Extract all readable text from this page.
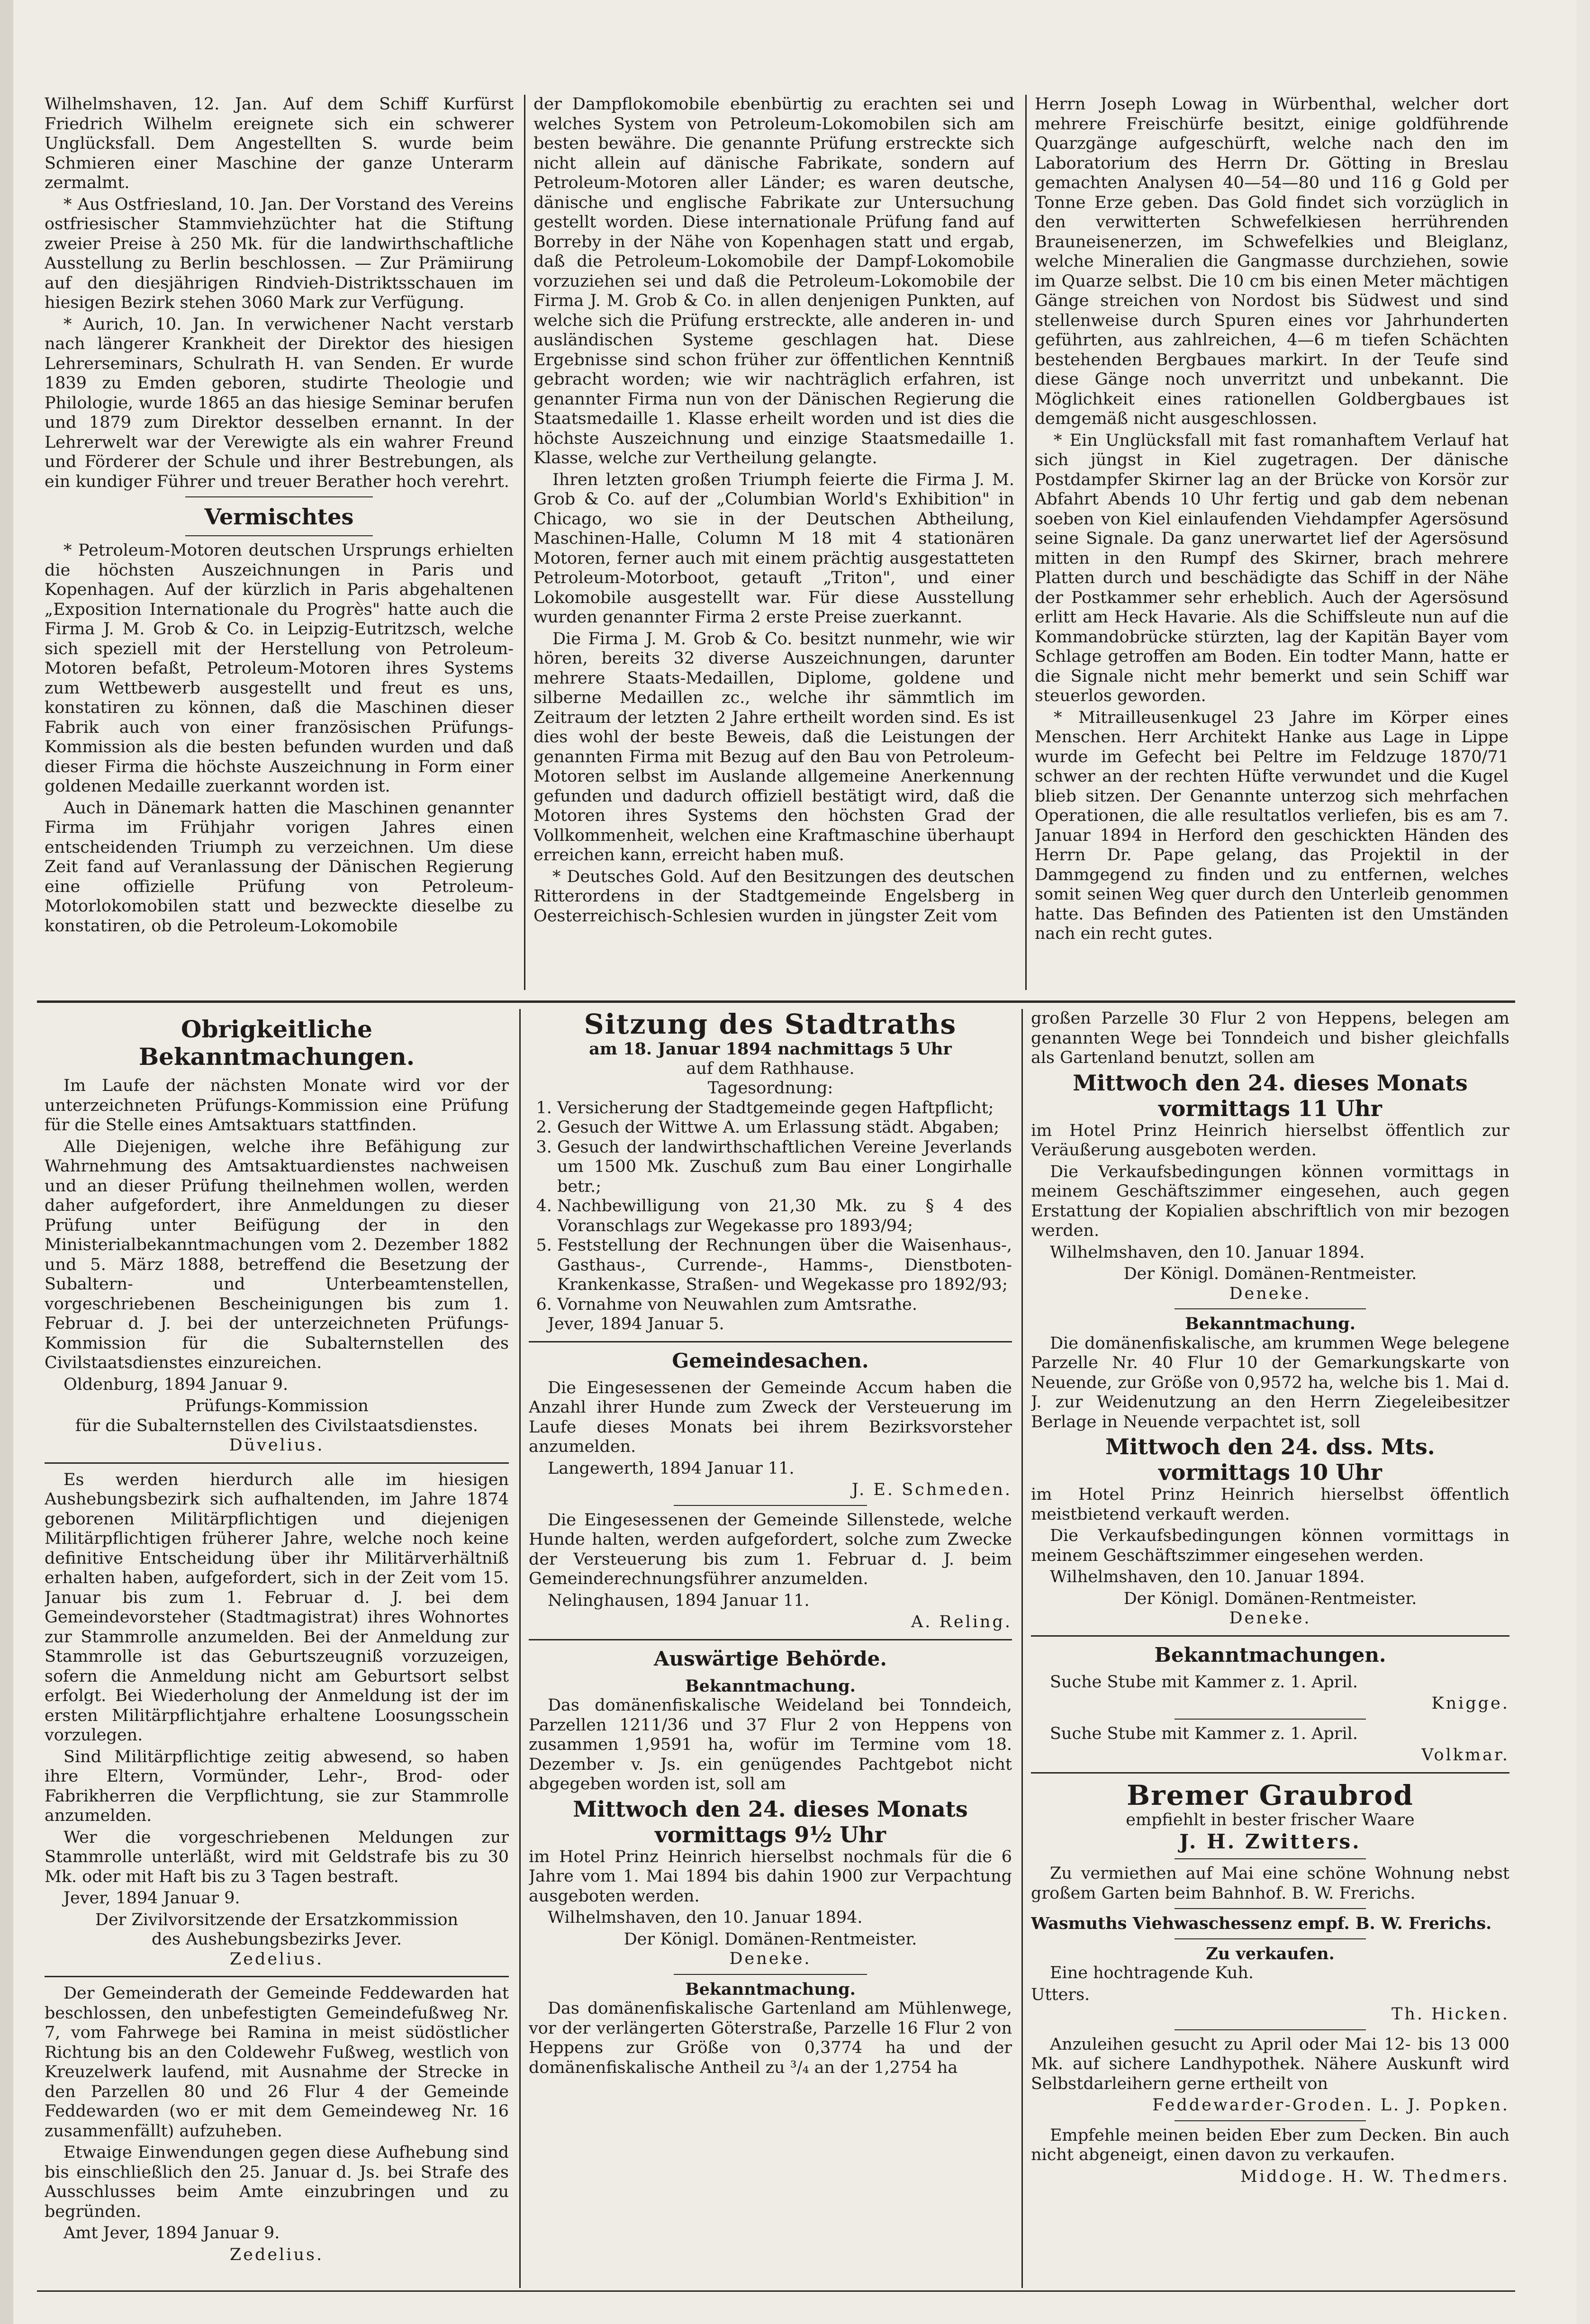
Wilhelmshaven, 12. Jan. Auf dem Schiff Kurfürst Friedrich Wilhelm ereignete sich ein schwerer Unglücksfall. Dem Angestellten S. wurde beim Schmieren einer Maschine der ganze Unterarm zermalmt.

* Aus Ostfriesland, 10. Jan. Der Vorstand des Vereins ostfriesischer Stammviehzüchter hat die Stiftung zweier Preise à 250 Mk. für die landwirthschaftliche Ausstellung zu Berlin beschlossen. — Zur Prämiirung auf den diesjährigen Rindvieh-Distriktsschauen im hiesigen Bezirk stehen 3060 Mark zur Verfügung.

* Aurich, 10. Jan. In verwichener Nacht verstarb nach längerer Krankheit der Direktor des hiesigen Lehrerseminars, Schulrath H. van Senden. Er wurde 1839 zu Emden geboren, studirte Theologie und Philologie, wurde 1865 an das hiesige Seminar berufen und 1879 zum Direktor desselben ernannt. In der Lehrerwelt war der Verewigte als ein wahrer Freund und Förderer der Schule und ihrer Bestrebungen, als ein kundiger Führer und treuer Berather hoch verehrt.

Vermischtes

* Petroleum-Motoren deutschen Ursprungs erhielten die höchsten Auszeichnungen in Paris und Kopenhagen. Auf der kürzlich in Paris abgehaltenen „Exposition Internationale du Progrès" hatte auch die Firma J. M. Grob & Co. in Leipzig-Eutritzsch, welche sich speziell mit der Herstellung von Petroleum-Motoren befaßt, Petroleum-Motoren ihres Systems zum Wettbewerb ausgestellt und freut es uns, konstatiren zu können, daß die Maschinen dieser Fabrik auch von einer französischen Prüfungs-Kommission als die besten befunden wurden und daß dieser Firma die höchste Auszeichnung in Form einer goldenen Medaille zuerkannt worden ist.

Auch in Dänemark hatten die Maschinen genannter Firma im Frühjahr vorigen Jahres einen entscheidenden Triumph zu verzeichnen. Um diese Zeit fand auf Veranlassung der Dänischen Regierung eine offizielle Prüfung von Petroleum-Motorlokomobilen statt und bezweckte dieselbe zu konstatiren, ob die Petroleum-Lokomobile

der Dampflokomobile ebenbürtig zu erachten sei und welches System von Petroleum-Lokomobilen sich am besten bewähre. Die genannte Prüfung erstreckte sich nicht allein auf dänische Fabrikate, sondern auf Petroleum-Motoren aller Länder; es waren deutsche, dänische und englische Fabrikate zur Untersuchung gestellt worden. Diese internationale Prüfung fand auf Borreby in der Nähe von Kopenhagen statt und ergab, daß die Petroleum-Lokomobile der Dampf-Lokomobile vorzuziehen sei und daß die Petroleum-Lokomobile der Firma J. M. Grob & Co. in allen denjenigen Punkten, auf welche sich die Prüfung erstreckte, alle anderen in- und ausländischen Systeme geschlagen hat. Diese Ergebnisse sind schon früher zur öffentlichen Kenntniß gebracht worden; wie wir nachträglich erfahren, ist genannter Firma nun von der Dänischen Regierung die Staatsmedaille 1. Klasse erheilt worden und ist dies die höchste Auszeichnung und einzige Staatsmedaille 1. Klasse, welche zur Vertheilung gelangte.

Ihren letzten großen Triumph feierte die Firma J. M. Grob & Co. auf der „Columbian World's Exhibition" in Chicago, wo sie in der Deutschen Abtheilung, Maschinen-Halle, Column M 18 mit 4 stationären Motoren, ferner auch mit einem prächtig ausgestatteten Petroleum-Motorboot, getauft „Triton", und einer Lokomobile ausgestellt war. Für diese Ausstellung wurden genannter Firma 2 erste Preise zuerkannt.

Die Firma J. M. Grob & Co. besitzt nunmehr, wie wir hören, bereits 32 diverse Auszeichnungen, darunter mehrere Staats-Medaillen, Diplome, goldene und silberne Medaillen zc., welche ihr sämmtlich im Zeitraum der letzten 2 Jahre ertheilt worden sind. Es ist dies wohl der beste Beweis, daß die Leistungen der genannten Firma mit Bezug auf den Bau von Petroleum-Motoren selbst im Auslande allgemeine Anerkennung gefunden und dadurch offiziell bestätigt wird, daß die Motoren ihres Systems den höchsten Grad der Vollkommenheit, welchen eine Kraftmaschine überhaupt erreichen kann, erreicht haben muß.

* Deutsches Gold. Auf den Besitzungen des deutschen Ritterordens in der Stadtgemeinde Engelsberg in Oesterreichisch-Schlesien wurden in jüngster Zeit vom

Herrn Joseph Lowag in Würbenthal, welcher dort mehrere Freischürfe besitzt, einige goldführende Quarzgänge aufgeschürft, welche nach den im Laboratorium des Herrn Dr. Götting in Breslau gemachten Analysen 40—54—80 und 116 g Gold per Tonne Erze geben. Das Gold findet sich vorzüglich in den verwitterten Schwefelkiesen herrührenden Brauneisenerzen, im Schwefelkies und Bleiglanz, welche Mineralien die Gangmasse durchziehen, sowie im Quarze selbst. Die 10 cm bis einen Meter mächtigen Gänge streichen von Nordost bis Südwest und sind stellenweise durch Spuren eines vor Jahrhunderten geführten, aus zahlreichen, 4—6 m tiefen Schächten bestehenden Bergbaues markirt. In der Teufe sind diese Gänge noch unverritzt und unbekannt. Die Möglichkeit eines rationellen Goldbergbaues ist demgemäß nicht ausgeschlossen.

* Ein Unglücksfall mit fast romanhaftem Verlauf hat sich jüngst in Kiel zugetragen. Der dänische Postdampfer Skirner lag an der Brücke von Korsör zur Abfahrt Abends 10 Uhr fertig und gab dem nebenan soeben von Kiel einlaufenden Viehdampfer Agersösund seine Signale. Da ganz unerwartet lief der Agersösund mitten in den Rumpf des Skirner, brach mehrere Platten durch und beschädigte das Schiff in der Nähe der Postkammer sehr erheblich. Auch der Agersösund erlitt am Heck Havarie. Als die Schiffsleute nun auf die Kommandobrücke stürzten, lag der Kapitän Bayer vom Schlage getroffen am Boden. Ein todter Mann, hatte er die Signale nicht mehr bemerkt und sein Schiff war steuerlos geworden.

* Mitrailleusenkugel 23 Jahre im Körper eines Menschen. Herr Architekt Hanke aus Lage in Lippe wurde im Gefecht bei Peltre im Feldzuge 1870/71 schwer an der rechten Hüfte verwundet und die Kugel blieb sitzen. Der Genannte unterzog sich mehrfachen Operationen, die alle resultatlos verliefen, bis es am 7. Januar 1894 in Herford den geschickten Händen des Herrn Dr. Pape gelang, das Projektil in der Dammgegend zu finden und zu entfernen, welches somit seinen Weg quer durch den Unterleib genommen hatte. Das Befinden des Patienten ist den Umständen nach ein recht gutes.

Obrigkeitliche Bekanntmachungen.

Im Laufe der nächsten Monate wird vor der unterzeichneten Prüfungs-Kommission eine Prüfung für die Stelle eines Amtsaktuars stattfinden.

Alle Diejenigen, welche ihre Befähigung zur Wahrnehmung des Amtsaktuardienstes nachweisen und an dieser Prüfung theilnehmen wollen, werden daher aufgefordert, ihre Anmeldungen zu dieser Prüfung unter Beifügung der in den Ministerialbekanntmachungen vom 2. Dezember 1882 und 5. März 1888, betreffend die Besetzung der Subaltern- und Unterbeamtenstellen, vorgeschriebenen Bescheinigungen bis zum 1. Februar d. J. bei der unterzeichneten Prüfungs-Kommission für die Subalternstellen des Civilstaatsdienstes einzureichen.

Oldenburg, 1894 Januar 9.

Prüfungs-Kommission
für die Subalternstellen des Civilstaatsdienstes.
Düvelius.

Es werden hierdurch alle im hiesigen Aushebungsbezirk sich aufhaltenden, im Jahre 1874 geborenen Militärpflichtigen und diejenigen Militärpflichtigen früherer Jahre, welche noch keine definitive Entscheidung über ihr Militärverhältniß erhalten haben, aufgefordert, sich in der Zeit vom 15. Januar bis zum 1. Februar d. J. bei dem Gemeindevorsteher (Stadtmagistrat) ihres Wohnortes zur Stammrolle anzumelden. Bei der Anmeldung zur Stammrolle ist das Geburtszeugniß vorzuzeigen, sofern die Anmeldung nicht am Geburtsort selbst erfolgt. Bei Wiederholung der Anmeldung ist der im ersten Militärpflichtjahre erhaltene Loosungsschein vorzulegen.

Sind Militärpflichtige zeitig abwesend, so haben ihre Eltern, Vormünder, Lehr-, Brod- oder Fabrikherren die Verpflichtung, sie zur Stammrolle anzumelden.

Wer die vorgeschriebenen Meldungen zur Stammrolle unterläßt, wird mit Geldstrafe bis zu 30 Mk. oder mit Haft bis zu 3 Tagen bestraft.

Jever, 1894 Januar 9.

Der Zivilvorsitzende der Ersatzkommission
des Aushebungsbezirks Jever.
Zedelius.

Der Gemeinderath der Gemeinde Feddewarden hat beschlossen, den unbefestigten Gemeindefußweg Nr. 7, vom Fahrwege bei Ramina in meist südöstlicher Richtung bis an den Coldewehr Fußweg, westlich von Kreuzelwerk laufend, mit Ausnahme der Strecke in den Parzellen 80 und 26 Flur 4 der Gemeinde Feddewarden (wo er mit dem Gemeindeweg Nr. 16 zusammenfällt) aufzuheben.

Etwaige Einwendungen gegen diese Aufhebung sind bis einschließlich den 25. Januar d. Js. bei Strafe des Ausschlusses beim Amte einzubringen und zu begründen.

Amt Jever, 1894 Januar 9.

Zedelius.
Sitzung des Stadtraths
am 18. Januar 1894 nachmittags 5 Uhr
auf dem Rathhause.
Tagesordnung:
1. Versicherung der Stadtgemeinde gegen Haftpflicht;
2. Gesuch der Wittwe A. um Erlassung städt. Abgaben;
3. Gesuch der landwirthschaftlichen Vereine Jeverlands um 1500 Mk. Zuschuß zum Bau einer Longirhalle betr.;
4. Nachbewilligung von 21,30 Mk. zu § 4 des Voranschlags zur Wegekasse pro 1893/94;
5. Feststellung der Rechnungen über die Waisenhaus-, Gasthaus-, Currende-, Hamms-, Dienstboten-Krankenkasse, Straßen- und Wegekasse pro 1892/93;
6. Vornahme von Neuwahlen zum Amtsrathe.

Jever, 1894 Januar 5.

Gemeindesachen.

Die Eingesessenen der Gemeinde Accum haben die Anzahl ihrer Hunde zum Zweck der Versteuerung im Laufe dieses Monats bei ihrem Bezirksvorsteher anzumelden.

Langewerth, 1894 Januar 11.

J. E. Schmeden.

Die Eingesessenen der Gemeinde Sillenstede, welche Hunde halten, werden aufgefordert, solche zum Zwecke der Versteuerung bis zum 1. Februar d. J. beim Gemeinderechnungsführer anzumelden.

Nelinghausen, 1894 Januar 11.

A. Reling.
Auswärtige Behörde.
Bekanntmachung.

Das domänenfiskalische Weideland bei Tonndeich, Parzellen 1211/36 und 37 Flur 2 von Heppens von zusammen 1,9591 ha, wofür im Termine vom 18. Dezember v. Js. ein genügendes Pachtgebot nicht abgegeben worden ist, soll am

Mittwoch den 24. dieses Monats
vormittags 9½ Uhr

im Hotel Prinz Heinrich hierselbst nochmals für die 6 Jahre vom 1. Mai 1894 bis dahin 1900 zur Verpachtung ausgeboten werden.

Wilhelmshaven, den 10. Januar 1894.

Der Königl. Domänen-Rentmeister.
Deneke.
Bekanntmachung.

Das domänenfiskalische Gartenland am Mühlenwege, vor der verlängerten Göterstraße, Parzelle 16 Flur 2 von Heppens zur Größe von 0,3774 ha und der domänenfiskalische Antheil zu ³/₄ an der 1,2754 ha

großen Parzelle 30 Flur 2 von Heppens, belegen am genannten Wege bei Tonndeich und bisher gleichfalls als Gartenland benutzt, sollen am

Mittwoch den 24. dieses Monats
vormittags 11 Uhr

im Hotel Prinz Heinrich hierselbst öffentlich zur Veräußerung ausgeboten werden.

Die Verkaufsbedingungen können vormittags in meinem Geschäftszimmer eingesehen, auch gegen Erstattung der Kopialien abschriftlich von mir bezogen werden.

Wilhelmshaven, den 10. Januar 1894.

Der Königl. Domänen-Rentmeister.
Deneke.
Bekanntmachung.

Die domänenfiskalische, am krummen Wege belegene Parzelle Nr. 40 Flur 10 der Gemarkungskarte von Neuende, zur Größe von 0,9572 ha, welche bis 1. Mai d. J. zur Weidenutzung an den Herrn Ziegeleibesitzer Berlage in Neuende verpachtet ist, soll

Mittwoch den 24. dss. Mts.
vormittags 10 Uhr

im Hotel Prinz Heinrich hierselbst öffentlich meistbietend verkauft werden.

Die Verkaufsbedingungen können vormittags in meinem Geschäftszimmer eingesehen werden.

Wilhelmshaven, den 10. Januar 1894.

Der Königl. Domänen-Rentmeister.
Deneke.
Bekanntmachungen.

Suche Stube mit Kammer z. 1. April.

Knigge.

Suche Stube mit Kammer z. 1. April.

Volkmar.
Bremer Graubrod
empfiehlt in bester frischer Waare
J. H. Zwitters.

Zu vermiethen auf Mai eine schöne Wohnung nebst großem Garten beim Bahnhof. B. W. Frerichs.

Wasmuths Viehwaschessenz empf. B. W. Frerichs.

Zu verkaufen.

Eine hochtragende Kuh.

Utters.
Th. Hicken.

Anzuleihen gesucht zu April oder Mai 12- bis 13 000 Mk. auf sichere Landhypothek. Nähere Auskunft wird Selbstdarleihern gerne ertheilt von

Feddewarder-Groden. L. J. Popken.

Empfehle meinen beiden Eber zum Decken. Bin auch nicht abgeneigt, einen davon zu verkaufen.

Middoge. H. W. Thedmers.
